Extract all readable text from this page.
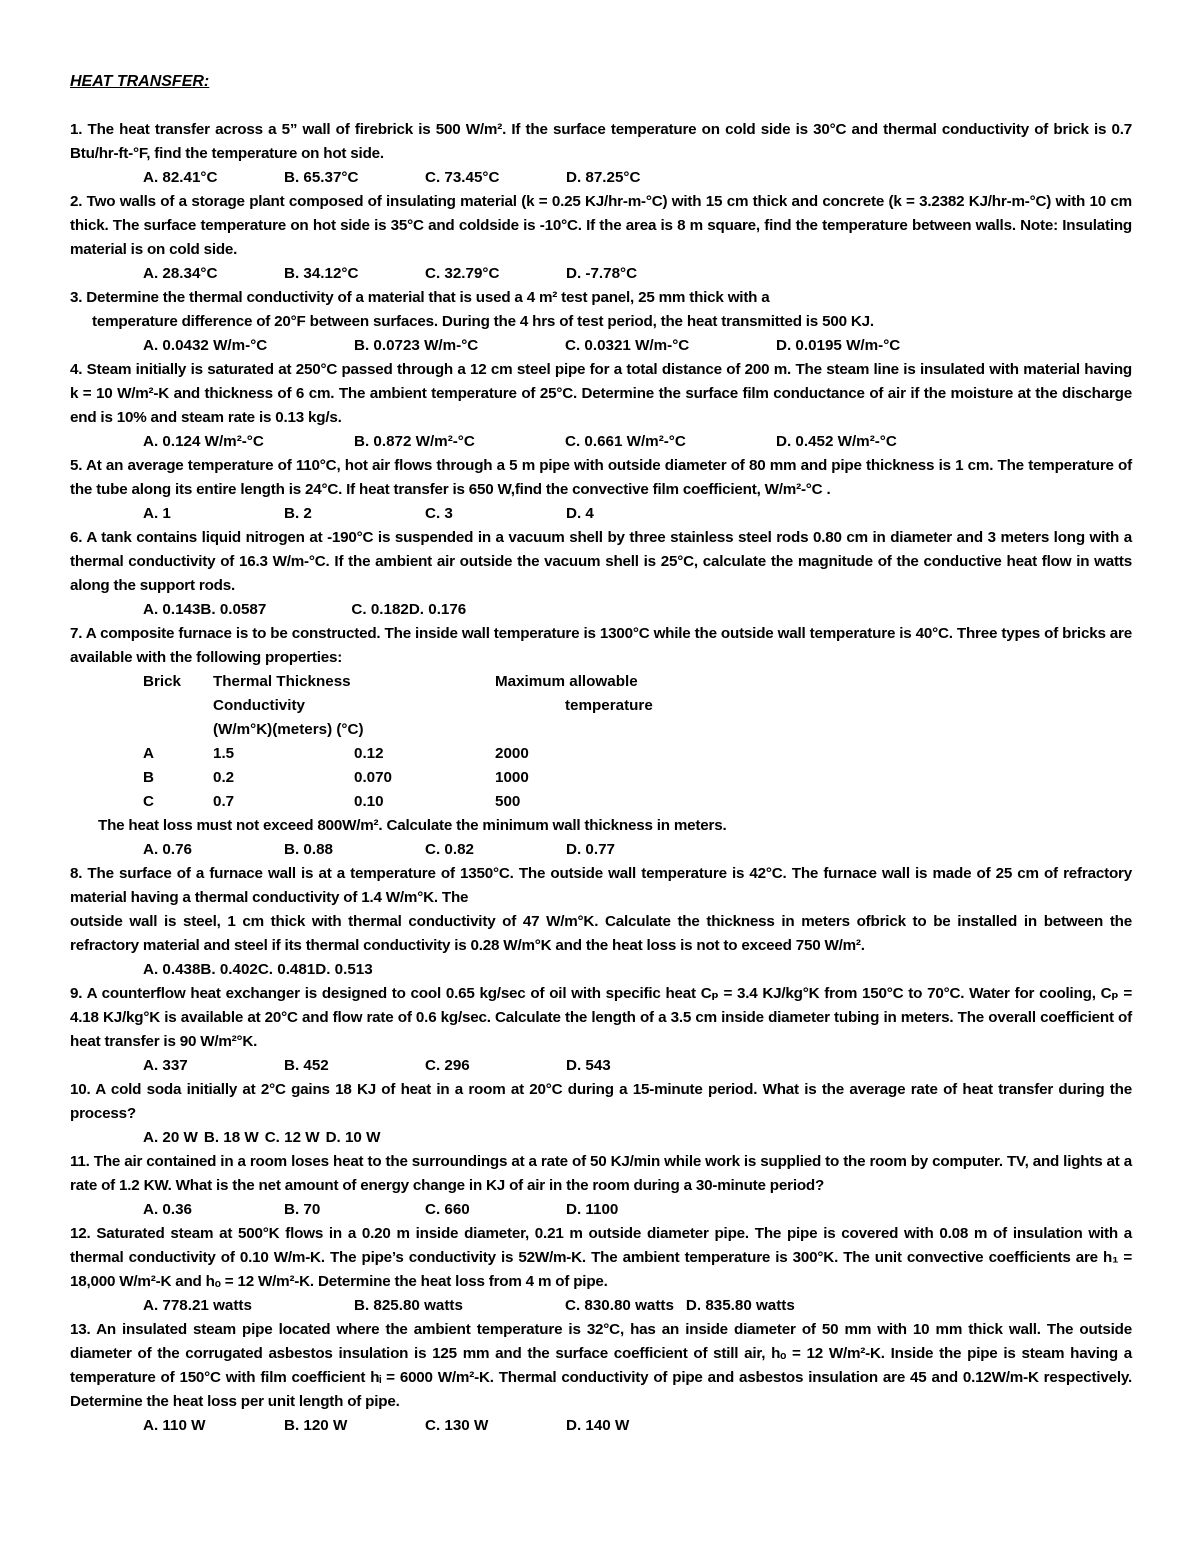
HEAT TRANSFER:
1. The heat transfer across a 5” wall of firebrick is 500 W/m². If the surface temperature on cold side is 30°C and thermal conductivity of brick is 0.7 Btu/hr-ft-°F, find the temperature on hot side.
A. 82.41°C	B. 65.37°C	C. 73.45°C	D. 87.25°C
2. Two walls of a storage plant composed of insulating material (k = 0.25 KJ/hr-m-°C) with 15 cm thick and concrete (k = 3.2382 KJ/hr-m-°C) with 10 cm thick. The surface temperature on hot side is 35°C and coldside is -10°C. If the area is 8 m square, find the temperature between walls. Note: Insulating material is on cold side.
A. 28.34°C	B. 34.12°C	C. 32.79°C	D. -7.78°C
3. Determine the thermal conductivity of a material that is used a 4 m² test panel, 25 mm thick with a
temperature difference of 20°F between surfaces. During the 4 hrs of test period, the heat transmitted is 500 KJ.
A. 0.0432 W/m-°C	B. 0.0723 W/m-°C	C. 0.0321 W/m-°C	D. 0.0195 W/m-°C
4. Steam initially is saturated at 250°C passed through a 12 cm steel pipe for a total distance of 200 m. The steam line is insulated with material having k = 10 W/m²-K and thickness of 6 cm. The ambient temperature of 25°C. Determine the surface film conductance of air if the moisture at the discharge end is 10% and steam rate is 0.13 kg/s.
A. 0.124 W/m²-°C	B. 0.872 W/m²-°C	C. 0.661 W/m²-°C	D. 0.452 W/m²-°C
5. At an average temperature of 110°C, hot air flows through a 5 m pipe with outside diameter of 80 mm and pipe thickness is 1 cm. The temperature of the tube along its entire length is 24°C. If heat transfer is 650 W,find the convective film coefficient, W/m²-°C .
A. 1	B. 2	C. 3	D. 4
6. A tank contains liquid nitrogen at -190°C is suspended in a vacuum shell by three stainless steel rods 0.80 cm in diameter and 3 meters long with a thermal conductivity of 16.3 W/m-°C. If the ambient air outside the vacuum shell is 25°C, calculate the magnitude of the conductive heat flow in watts along the support rods.
A. 0.143 B. 0.0587	C. 0.182 D. 0.176
7. A composite furnace is to be constructed. The inside wall temperature is 1300°C while the outside wall temperature is 40°C. Three types of bricks are available with the following properties:
Brick	Thermal Thickness		Maximum allowable
	Conductivity		temperature
	(W/m°K)(meters) (°C)		
A	1.5	0.12	2000
B	0.2	0.070	1000
C	0.7	0.10	500
The heat loss must not exceed 800W/m². Calculate the minimum wall thickness in meters.
A. 0.76	B. 0.88	C. 0.82	D. 0.77
8. The surface of a furnace wall is at a temperature of 1350°C. The outside wall temperature is 42°C. The furnace wall is made of 25 cm of refractory material having a thermal conductivity of 1.4 W/m°K. The
outside wall is steel, 1 cm thick with thermal conductivity of 47 W/m°K. Calculate the thickness in meters ofbrick to be installed in between the refractory material and steel if its thermal conductivity is 0.28 W/m°K and the heat loss is not to exceed 750 W/m².
A. 0.438 B. 0.402 C. 0.481 D. 0.513
9. A counterflow heat exchanger is designed to cool 0.65 kg/sec of oil with specific heat Cₚ = 3.4 KJ/kg°K from 150°C to 70°C. Water for cooling, Cₚ = 4.18 KJ/kg°K is available at 20°C and flow rate of 0.6 kg/sec. Calculate the length of a 3.5 cm inside diameter tubing in meters. The overall coefficient of heat transfer is 90 W/m²°K.
A. 337	B. 452	C. 296	D. 543
10. A cold soda initially at 2°C gains 18 KJ of heat in a room at 20°C during a 15-minute period. What is the average rate of heat transfer during the process?
A. 20 W B. 18 W C. 12 W D. 10 W
11. The air contained in a room loses heat to the surroundings at a rate of 50 KJ/min while work is supplied to the room by computer. TV, and lights at a rate of 1.2 KW. What is the net amount of energy change in KJ of air in the room during a 30-minute period?
A. 0.36	B. 70	C. 660	D. 1100
12. Saturated steam at 500°K flows in a 0.20 m inside diameter, 0.21 m outside diameter pipe. The pipe is covered with 0.08 m of insulation with a thermal conductivity of 0.10 W/m-K. The pipe’s conductivity is 52W/m-K. The ambient temperature is 300°K. The unit convective coefficients are h₁ = 18,000 W/m²-K and hₒ = 12 W/m²-K. Determine the heat loss from 4 m of pipe.
A. 778.21 watts	B. 825.80 watts	C. 830.80 watts D. 835.80 watts
13. An insulated steam pipe located where the ambient temperature is 32°C, has an inside diameter of 50 mm with 10 mm thick wall. The outside diameter of the corrugated asbestos insulation is 125 mm and the surface coefficient of still air, hₒ = 12 W/m²-K. Inside the pipe is steam having a temperature of 150°C with film coefficient hᵢ = 6000 W/m²-K. Thermal conductivity of pipe and asbestos insulation are 45 and 0.12W/m-K respectively. Determine the heat loss per unit length of pipe.
A. 110 W	B. 120 W	C. 130 W	D. 140 W
